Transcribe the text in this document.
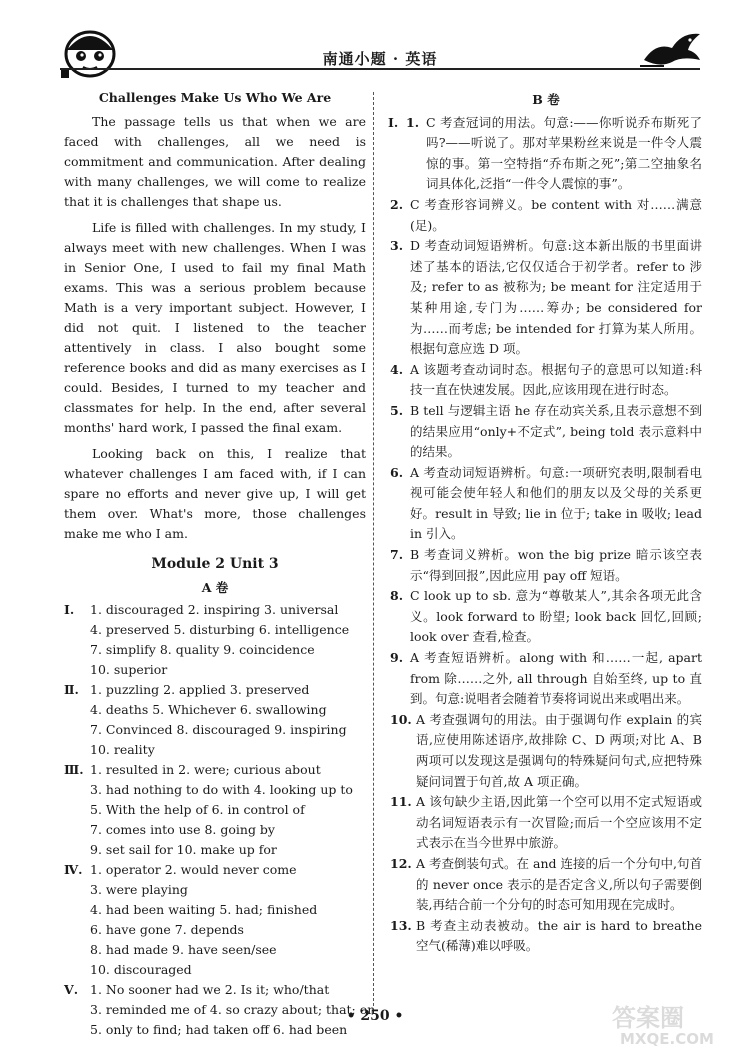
南通小题 · 英语
Challenges Make Us Who We Are

The passage tells us that when we are faced with challenges, all we need is commitment and communication. After dealing with many challenges, we will come to realize that it is challenges that shape us.

Life is filled with challenges. In my study, I always meet with new challenges. When I was in Senior One, I used to fail my final Math exams. This was a serious problem because Math is a very important subject. However, I did not quit. I listened to the teacher attentively in class. I also bought some reference books and did as many exercises as I could. Besides, I turned to my teacher and classmates for help. In the end, after several months' hard work, I passed the final exam.

Looking back on this, I realize that whatever challenges I am faced with, if I can spare no efforts and never give up, I will get them over. What's more, those challenges make me who I am.

Module 2 Unit 3
A 卷
Ⅰ. 1. discouraged 2. inspiring 3. universal
4. preserved 5. disturbing 6. intelligence
7. simplify 8. quality 9. coincidence
10. superior
Ⅱ. 1. puzzling 2. applied 3. preserved
4. deaths 5. Whichever 6. swallowing
7. Convinced 8. discouraged 9. inspiring
10. reality
Ⅲ. 1. resulted in 2. were; curious about
3. had nothing to do with 4. looking up to
5. With the help of 6. in control of
7. comes into use 8. going by
9. set sail for 10. make up for
Ⅳ. 1. operator 2. would never come
3. were playing
4. had been waiting 5. had; finished
6. have gone 7. depends
8. had made 9. have seen/see
10. discouraged
Ⅴ. 1. No sooner had we 2. Is it; who/that
3. reminded me of 4. so crazy about; that; on
5. only to find; had taken off 6. had been
B 卷
Ⅰ. 1. C 考查冠词的用法。句意:——你听说乔布斯死了吗?——听说了。那对苹果粉丝来说是一件令人震惊的事。第一空特指“乔布斯之死”;第二空抽象名词具体化,泛指“一件令人震惊的事”。

2. C 考查形容词辨义。be content with 对……满意(足)。

3. D 考查动词短语辨析。句意:这本新出版的书里面讲述了基本的语法,它仅仅适合于初学者。refer to 涉及; refer to as 被称为; be meant for 注定适用于某种用途,专门为……筹办; be considered for 为……而考虑; be intended for 打算为某人所用。根据句意应选 D 项。

4. A 该题考查动词时态。根据句子的意思可以知道:科技一直在快速发展。因此,应该用现在进行时态。

5. B tell 与逻辑主语 he 存在动宾关系,且表示意想不到的结果应用“only+不定式”, being told 表示意料中的结果。

6. A 考查动词短语辨析。句意:一项研究表明,限制看电视可能会使年轻人和他们的朋友以及父母的关系更好。result in 导致; lie in 位于; take in 吸收; lead in 引入。

7. B 考查词义辨析。won the big prize 暗示该空表示“得到回报”,因此应用 pay off 短语。

8. C look up to sb. 意为“尊敬某人”,其余各项无此含义。look forward to 盼望; look back 回忆,回顾; look over 查看,检查。

9. A 考查短语辨析。along with 和……一起, apart from 除……之外, all through 自始至终, up to 直到。句意:说唱者会随着节奏将词说出来或唱出来。

10. A 考查强调句的用法。由于强调句作 explain 的宾语,应使用陈述语序,故排除 C、D 两项;对比 A、B 两项可以发现这是强调句的特殊疑问句式,应把特殊疑问词置于句首,故 A 项正确。

11. A 该句缺少主语,因此第一个空可以用不定式短语或动名词短语表示有一次冒险;而后一个空应该用不定式表示在当今世界中旅游。

12. A 考查倒装句式。在 and 连接的后一个分句中,句首的 never once 表示的是否定含义,所以句子需要倒装,再结合前一个分句的时态可知用现在完成时。

13. B 考查主动表被动。the air is hard to breathe 空气(稀薄)难以呼吸。

• 250 •	答案圈
MXQE.COM
